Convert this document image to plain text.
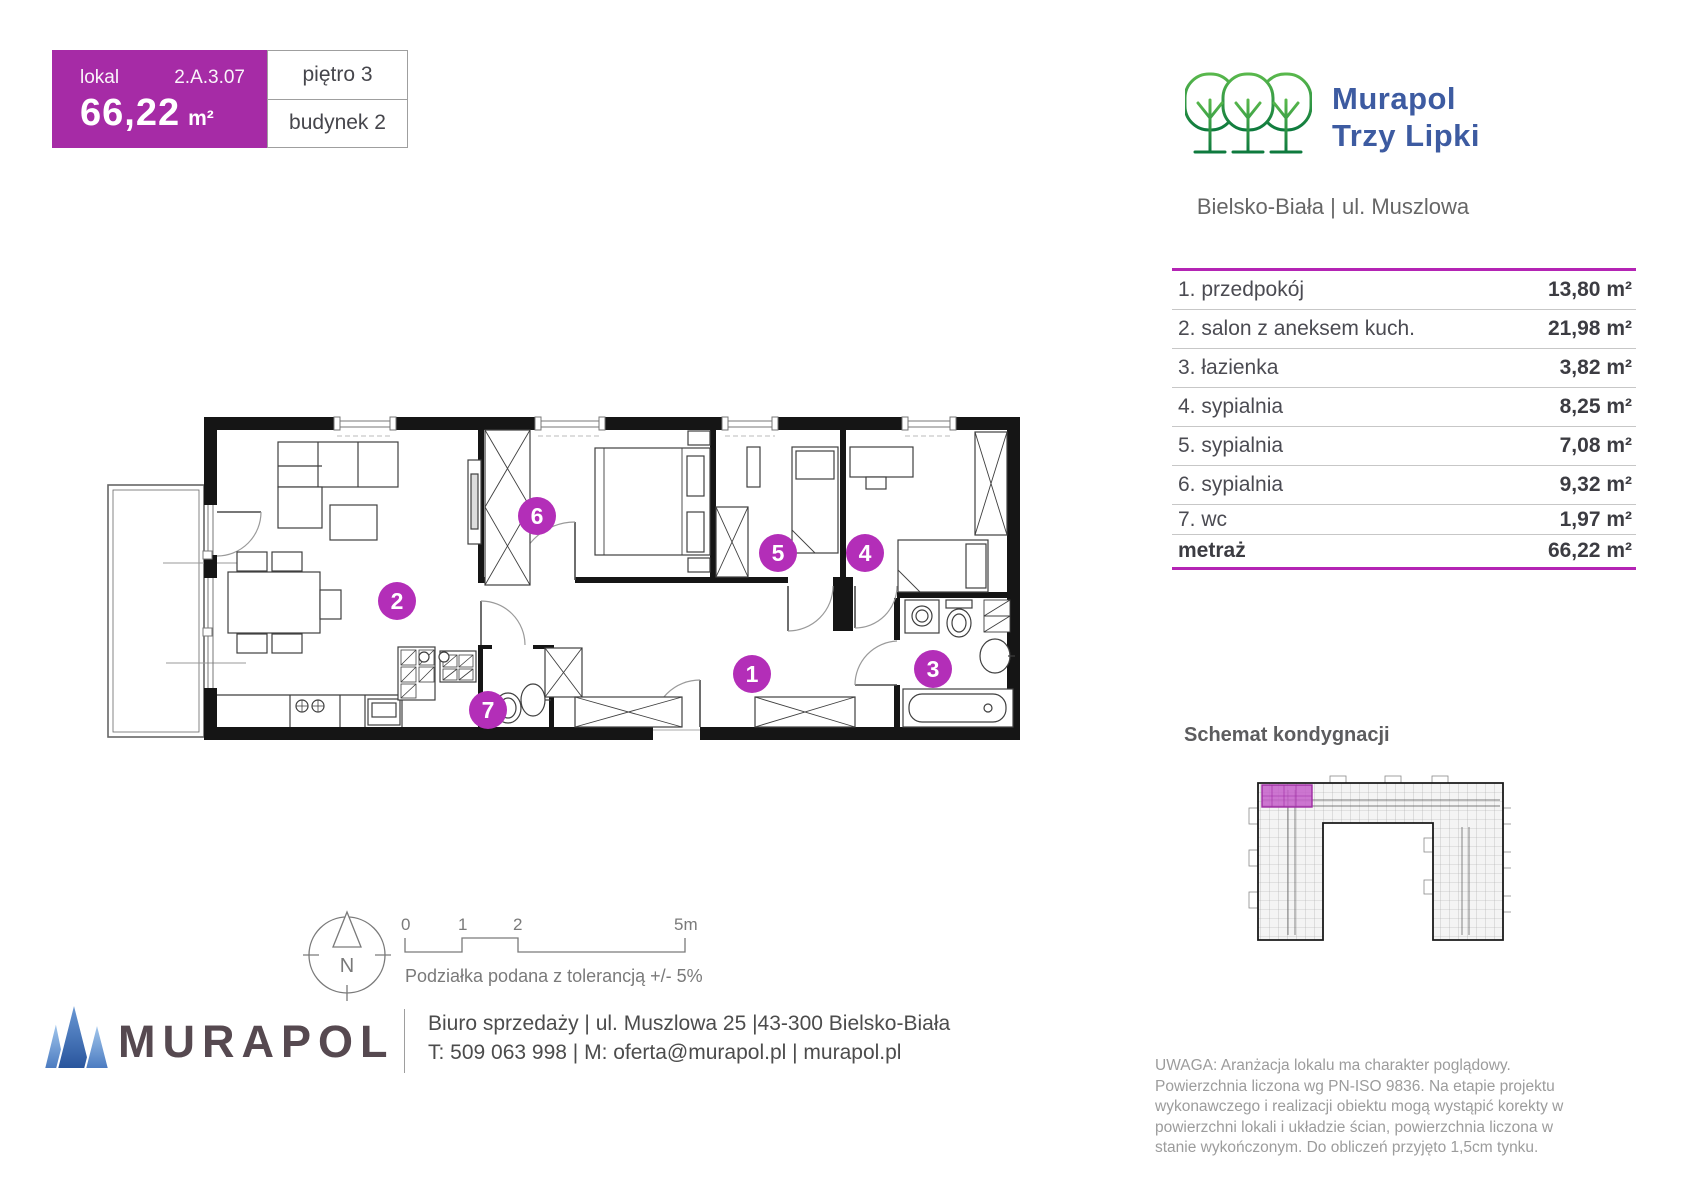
lokal	2.A.3.07
66,22 m²
piętro 3
budynek 2
Murapol
Trzy Lipki
Bielsko-Biała | ul. Muszlowa
1. przedpokój	13,80 m²
2. salon z aneksem kuch.	21,98 m²
3. łazienka	3,82 m²
4. sypialnia	8,25 m²
5. sypialnia	7,08 m²
6. sypialnia	9,32 m²
7. wc	1,97 m²
metraż	66,22 m²
1
2
3
4
5
6
7
N
0	1	2	5m
Podziałka podana z tolerancją +/- 5%
Schemat kondygnacji
MURAPOL Biuro sprzedaży | ul. Muszlowa 25 |43-300 Bielsko-Biała
T: 509 063 998 | M: oferta@murapol.pl | murapol.pl
UWAGA: Aranżacja lokalu ma charakter poglądowy. Powierzchnia liczona wg PN-ISO 9836. Na etapie projektu wykonawczego i realizacji obiektu mogą wystąpić korekty w powierzchni lokali i układzie ścian, powierzchnia liczona w stanie wykończonym. Do obliczeń przyjęto 1,5cm tynku.
